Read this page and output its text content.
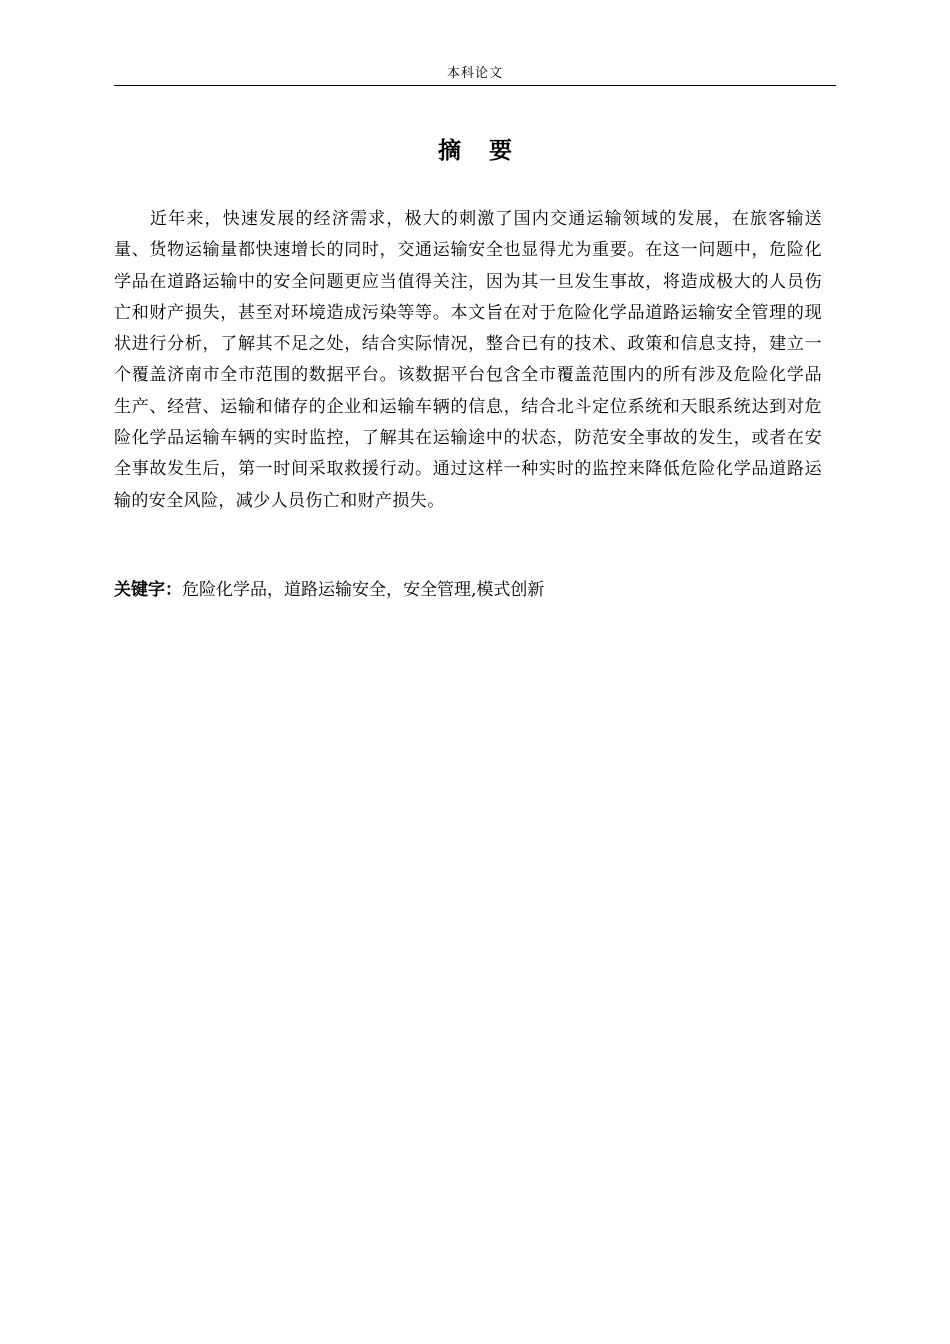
本科论文
摘 要

近年来，快速发展的经济需求，极大的刺激了国内交通运输领域的发展，在旅客输送量、货物运输量都快速增长的同时，交通运输安全也显得尤为重要。在这一问题中，危险化学品在道路运输中的安全问题更应当值得关注，因为其一旦发生事故，将造成极大的人员伤亡和财产损失，甚至对环境造成污染等等。本文旨在对于危险化学品道路运输安全管理的现状进行分析，了解其不足之处，结合实际情况，整合已有的技术、政策和信息支持，建立一个覆盖济南市全市范围的数据平台。该数据平台包含全市覆盖范围内的所有涉及危险化学品生产、经营、运输和储存的企业和运输车辆的信息，结合北斗定位系统和天眼系统达到对危险化学品运输车辆的实时监控，了解其在运输途中的状态，防范安全事故的发生，或者在安全事故发生后，第一时间采取救援行动。通过这样一种实时的监控来降低危险化学品道路运输的安全风险，减少人员伤亡和财产损失。

关键字：危险化学品，道路运输安全，安全管理,模式创新
